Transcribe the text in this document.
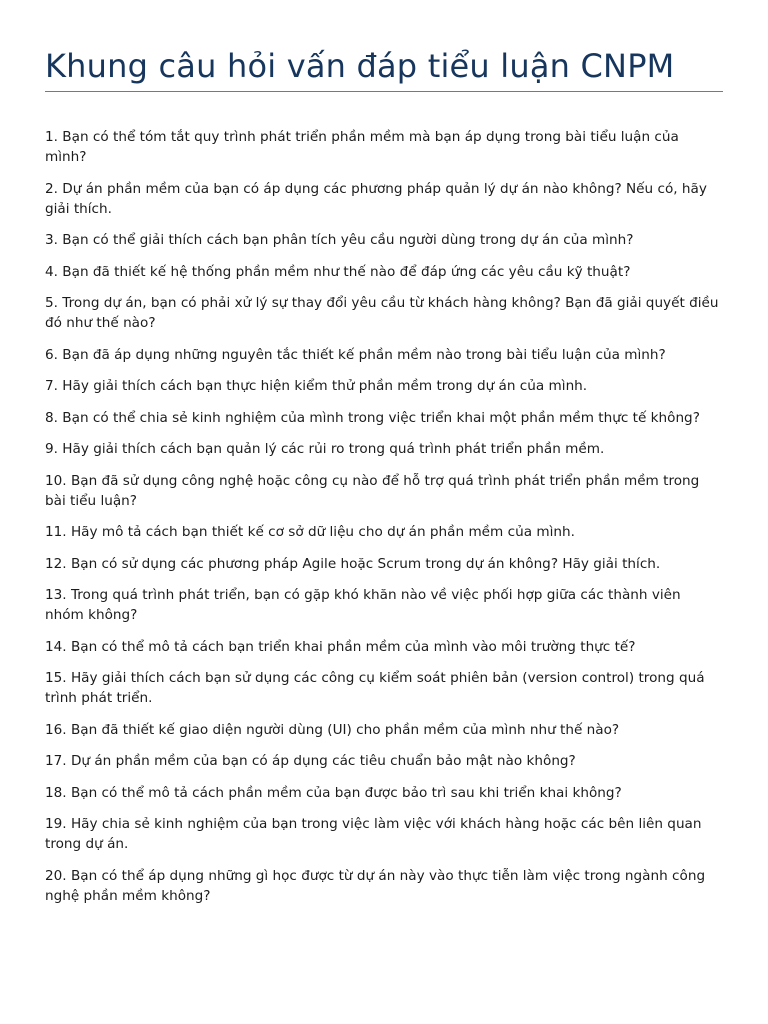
Khung câu hỏi vấn đáp tiểu luận CNPM
1. Bạn có thể tóm tắt quy trình phát triển phần mềm mà bạn áp dụng trong bài tiểu luận của mình?
2. Dự án phần mềm của bạn có áp dụng các phương pháp quản lý dự án nào không? Nếu có, hãy giải thích.
3. Bạn có thể giải thích cách bạn phân tích yêu cầu người dùng trong dự án của mình?
4. Bạn đã thiết kế hệ thống phần mềm như thế nào để đáp ứng các yêu cầu kỹ thuật?
5. Trong dự án, bạn có phải xử lý sự thay đổi yêu cầu từ khách hàng không? Bạn đã giải quyết điều đó như thế nào?
6. Bạn đã áp dụng những nguyên tắc thiết kế phần mềm nào trong bài tiểu luận của mình?
7. Hãy giải thích cách bạn thực hiện kiểm thử phần mềm trong dự án của mình.
8. Bạn có thể chia sẻ kinh nghiệm của mình trong việc triển khai một phần mềm thực tế không?
9. Hãy giải thích cách bạn quản lý các rủi ro trong quá trình phát triển phần mềm.
10. Bạn đã sử dụng công nghệ hoặc công cụ nào để hỗ trợ quá trình phát triển phần mềm trong bài tiểu luận?
11. Hãy mô tả cách bạn thiết kế cơ sở dữ liệu cho dự án phần mềm của mình.
12. Bạn có sử dụng các phương pháp Agile hoặc Scrum trong dự án không? Hãy giải thích.
13. Trong quá trình phát triển, bạn có gặp khó khăn nào về việc phối hợp giữa các thành viên nhóm không?
14. Bạn có thể mô tả cách bạn triển khai phần mềm của mình vào môi trường thực tế?
15. Hãy giải thích cách bạn sử dụng các công cụ kiểm soát phiên bản (version control) trong quá trình phát triển.
16. Bạn đã thiết kế giao diện người dùng (UI) cho phần mềm của mình như thế nào?
17. Dự án phần mềm của bạn có áp dụng các tiêu chuẩn bảo mật nào không?
18. Bạn có thể mô tả cách phần mềm của bạn được bảo trì sau khi triển khai không?
19. Hãy chia sẻ kinh nghiệm của bạn trong việc làm việc với khách hàng hoặc các bên liên quan trong dự án.
20. Bạn có thể áp dụng những gì học được từ dự án này vào thực tiễn làm việc trong ngành công nghệ phần mềm không?
